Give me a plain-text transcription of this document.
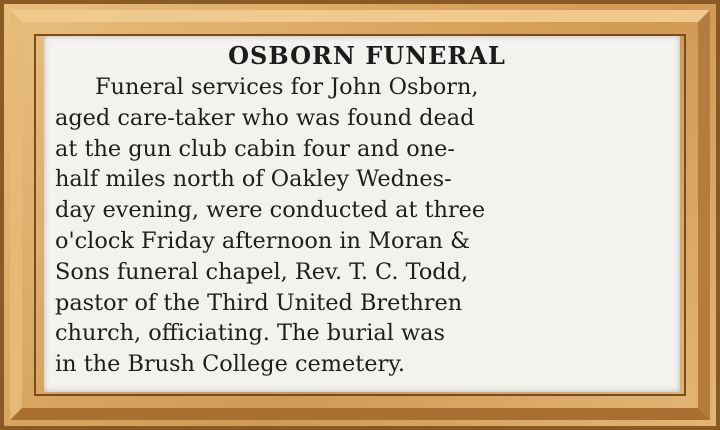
OSBORN FUNERAL
Funeral services for John Osborn,
aged care-taker who was found dead
at the gun club cabin four and one-
half miles north of Oakley Wednes-
day evening, were conducted at three
o'clock Friday afternoon in Moran &
Sons funeral chapel, Rev. T. C. Todd,
pastor of the Third United Brethren
church, officiating. The burial was
in the Brush College cemetery.
